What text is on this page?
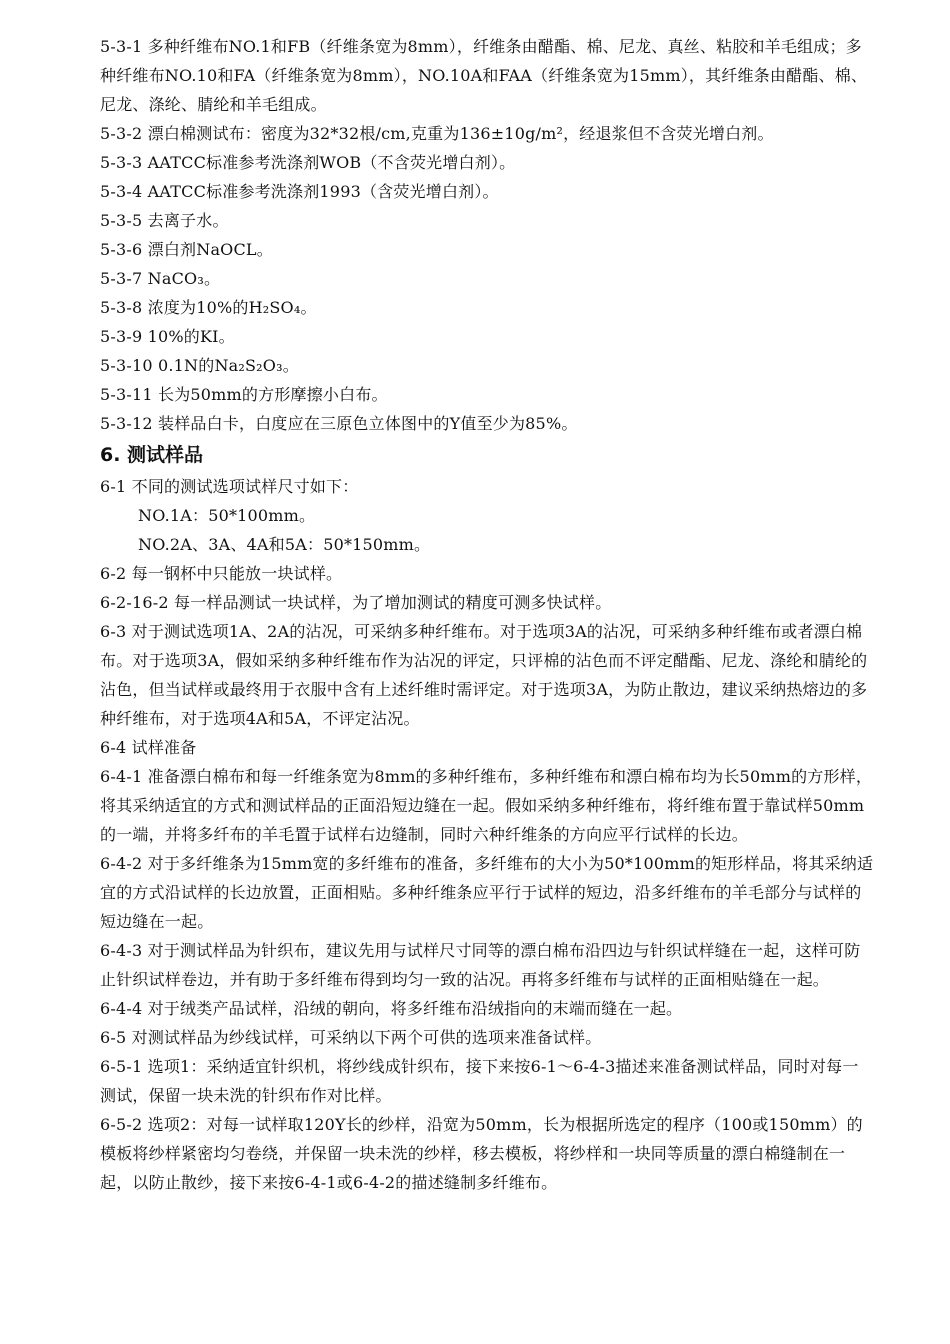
5-3-1 多种纤维布NO.1和FB（纤维条宽为8mm），纤维条由醋酯、棉、尼龙、真丝、粘胶和羊毛组成；多种纤维布NO.10和FA（纤维条宽为8mm），NO.10A和FAA（纤维条宽为15mm），其纤维条由醋酯、棉、尼龙、涤纶、腈纶和羊毛组成。

5-3-2 漂白棉测试布：密度为32*32根/cm,克重为136±10g/m²，经退浆但不含荧光增白剂。

5-3-3 AATCC标准参考洗涤剂WOB（不含荧光增白剂）。

5-3-4 AATCC标准参考洗涤剂1993（含荧光增白剂）。

5-3-5 去离子水。

5-3-6 漂白剂NaOCL。

5-3-7 NaCO₃。

5-3-8 浓度为10%的H₂SO₄。

5-3-9 10%的KI。

5-3-10 0.1N的Na₂S₂O₃。

5-3-11 长为50mm的方形摩擦小白布。

5-3-12 装样品白卡，白度应在三原色立体图中的Y值至少为85%。

6. 测试样品

6-1 不同的测试选项试样尺寸如下：

NO.1A：50*100mm。

NO.2A、3A、4A和5A：50*150mm。

6-2 每一钢杯中只能放一块试样。

6-2-16-2 每一样品测试一块试样，为了增加测试的精度可测多快试样。

6-3 对于测试选项1A、2A的沾况，可采纳多种纤维布。对于选项3A的沾况，可采纳多种纤维布或者漂白棉布。对于选项3A，假如采纳多种纤维布作为沾况的评定，只评棉的沾色而不评定醋酯、尼龙、涤纶和腈纶的沾色，但当试样或最终用于衣服中含有上述纤维时需评定。对于选项3A，为防止散边，建议采纳热熔边的多种纤维布，对于选项4A和5A，不评定沾况。

6-4 试样准备

6-4-1 准备漂白棉布和每一纤维条宽为8mm的多种纤维布，多种纤维布和漂白棉布均为长50mm的方形样，将其采纳适宜的方式和测试样品的正面沿短边缝在一起。假如采纳多种纤维布，将纤维布置于靠试样50mm的一端，并将多纤布的羊毛置于试样右边缝制，同时六种纤维条的方向应平行试样的长边。

6-4-2 对于多纤维条为15mm宽的多纤维布的准备，多纤维布的大小为50*100mm的矩形样品，将其采纳适宜的方式沿试样的长边放置，正面相贴。多种纤维条应平行于试样的短边，沿多纤维布的羊毛部分与试样的短边缝在一起。

6-4-3 对于测试样品为针织布，建议先用与试样尺寸同等的漂白棉布沿四边与针织试样缝在一起，这样可防止针织试样卷边，并有助于多纤维布得到均匀一致的沾况。再将多纤维布与试样的正面相贴缝在一起。

6-4-4 对于绒类产品试样，沿绒的朝向，将多纤维布沿绒指向的末端而缝在一起。

6-5 对测试样品为纱线试样，可采纳以下两个可供的选项来准备试样。

6-5-1 选项1：采纳适宜针织机，将纱线成针织布，接下来按6-1～6-4-3描述来准备测试样品，同时对每一测试，保留一块未洗的针织布作对比样。

6-5-2 选项2：对每一试样取120Y长的纱样，沿宽为50mm，长为根据所选定的程序（100或150mm）的模板将纱样紧密均匀卷绕，并保留一块未洗的纱样，移去模板，将纱样和一块同等质量的漂白棉缝制在一起，以防止散纱，接下来按6-4-1或6-4-2的描述缝制多纤维布。
